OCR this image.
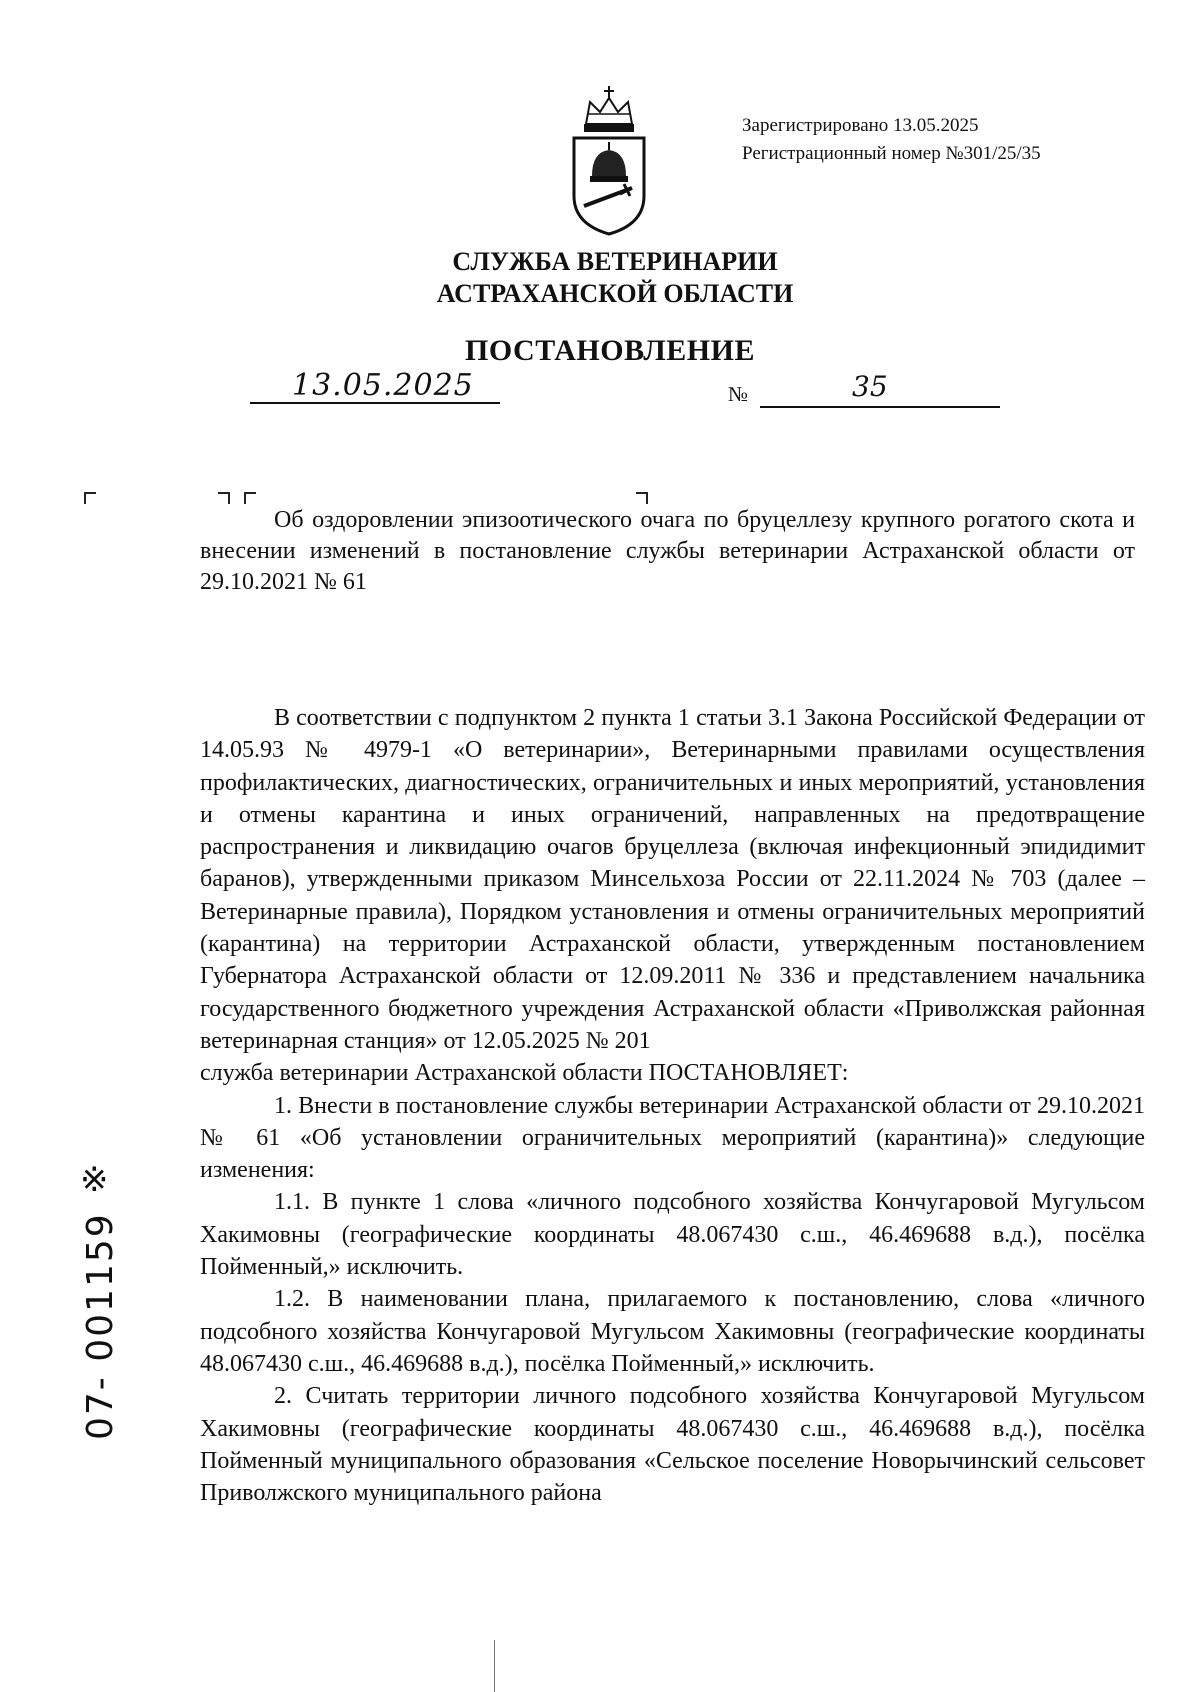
Зарегистрировано 13.05.2025
Регистрационный номер №301/25/35
СЛУЖБА ВЕТЕРИНАРИИ
АСТРАХАНСКОЙ ОБЛАСТИ
ПОСТАНОВЛЕНИЕ
13.05.2025	№	35
Об оздоровлении эпизоотического очага по бруцеллезу крупного рогатого скота и внесении изменений в постановление службы ветеринарии Астраханской области от 29.10.2021 № 61

В соответствии с подпунктом 2 пункта 1 статьи 3.1 Закона Российской Федерации от 14.05.93 № 4979-1 «О ветеринарии», Ветеринарными правилами осуществления профилактических, диагностических, ограничительных и иных мероприятий, установления и отмены карантина и иных ограничений, направленных на предотвращение распространения и ликвидацию очагов бруцеллеза (включая инфекционный эпидидимит баранов), утвержденными приказом Минсельхоза России от 22.11.2024 № 703 (далее – Ветеринарные правила), Порядком установления и отмены ограничительных мероприятий (карантина) на территории Астраханской области, утвержденным постановлением Губернатора Астраханской области от 12.09.2011 № 336 и представлением начальника государственного бюджетного учреждения Астраханской области «Приволжская районная ветеринарная станция» от 12.05.2025 № 201

служба ветеринарии Астраханской области ПОСТАНОВЛЯЕТ:

1. Внести в постановление службы ветеринарии Астраханской области от 29.10.2021 № 61 «Об установлении ограничительных мероприятий (карантина)» следующие изменения:

1.1. В пункте 1 слова «личного подсобного хозяйства Кончугаровой Мугульсом Хакимовны (географические координаты 48.067430 с.ш., 46.469688 в.д.), посёлка Пойменный,» исключить.

1.2. В наименовании плана, прилагаемого к постановлению, слова «личного подсобного хозяйства Кончугаровой Мугульсом Хакимовны (географические координаты 48.067430 с.ш., 46.469688 в.д.), посёлка Пойменный,» исключить.

2. Считать территории личного подсобного хозяйства Кончугаровой Мугульсом Хакимовны (географические координаты 48.067430 с.ш., 46.469688 в.д.), посёлка Пойменный муниципального образования «Сельское поселение Новорычинский сельсовет Приволжского муниципального района

※
07- 001159
